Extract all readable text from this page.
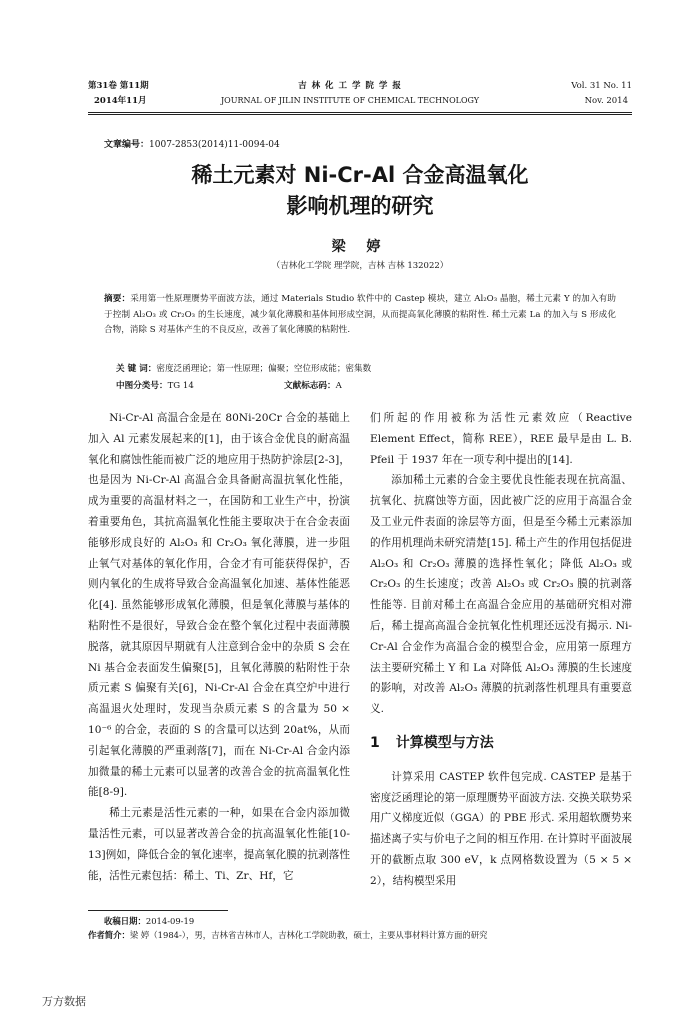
第31卷 第11期
2014年11月
吉 林 化 工 学 院 学 报
JOURNAL OF JILIN INSTITUTE OF CHEMICAL TECHNOLOGY
Vol. 31 No. 11
Nov. 2014
文章编号：1007-2853(2014)11-0094-04
稀土元素对 Ni-Cr-Al 合金高温氧化
影响机理的研究
梁 婷
（吉林化工学院 理学院，吉林 吉林 132022）
摘要：采用第一性原理赝势平面波方法，通过 Materials Studio 软件中的 Castep 模块，建立 Al₂O₃ 晶胞，稀土元素 Y 的加入有助于控制 Al₂O₃ 或 Cr₂O₃ 的生长速度，减少氧化薄膜和基体间形成空洞，从而提高氧化薄膜的粘附性. 稀土元素 La 的加入与 S 形成化合物，消除 S 对基体产生的不良反应，改善了氧化薄膜的粘附性.
关 键 词：密度泛函理论；第一性原理；偏聚；空位形成能；密集数
中图分类号：TG 14	文献标志码：A

Ni-Cr-Al 高温合金是在 80Ni-20Cr 合金的基础上加入 Al 元素发展起来的[1]，由于该合金优良的耐高温氧化和腐蚀性能而被广泛的地应用于热防护涂层[2-3]，也是因为 Ni-Cr-Al 高温合金具备耐高温抗氧化性能，成为重要的高温材料之一，在国防和工业生产中，扮演着重要角色，其抗高温氧化性能主要取决于在合金表面能够形成良好的 Al₂O₃ 和 Cr₂O₃ 氧化薄膜，进一步阻止氧气对基体的氧化作用，合金才有可能获得保护，否则内氧化的生成将导致合金高温氧化加速、基体性能恶化[4]. 虽然能够形成氧化薄膜，但是氧化薄膜与基体的粘附性不是很好，导致合金在整个氧化过程中表面薄膜脱落，就其原因早期就有人注意到合金中的杂质 S 会在 Ni 基合金表面发生偏聚[5]，且氧化薄膜的粘附性于杂质元素 S 偏聚有关[6]，Ni-Cr-Al 合金在真空炉中进行高温退火处理时，发现当杂质元素 S 的含量为 50 × 10⁻⁶ 的合金，表面的 S 的含量可以达到 20at%，从而引起氧化薄膜的严重剥落[7]，而在 Ni-Cr-Al 合金内添加微量的稀土元素可以显著的改善合金的抗高温氧化性能[8-9].

稀土元素是活性元素的一种，如果在合金内添加微量活性元素，可以显著改善合金的抗高温氧化性能[10-13]例如，降低合金的氧化速率，提高氧化膜的抗剥落性能，活性元素包括：稀土、Ti、Zr、Hf，它

们所起的作用被称为活性元素效应（Reactive Element Effect，简称 REE），REE 最早是由 L. B. Pfeil 于 1937 年在一项专利中提出的[14].

添加稀土元素的合金主要优良性能表现在抗高温、抗氧化、抗腐蚀等方面，因此被广泛的应用于高温合金及工业元件表面的涂层等方面，但是至今稀土元素添加的作用机理尚未研究清楚[15]. 稀土产生的作用包括促进 Al₂O₃ 和 Cr₂O₃ 薄膜的选择性氧化；降低 Al₂O₃ 或 Cr₂O₃ 的生长速度；改善 Al₂O₃ 或 Cr₂O₃ 膜的抗剥落性能等. 目前对稀土在高温合金应用的基础研究相对滞后，稀土提高高温合金抗氧化性机理还远没有揭示. Ni-Cr-Al 合金作为高温合金的模型合金，应用第一原理方法主要研究稀土 Y 和 La 对降低 Al₂O₃ 薄膜的生长速度的影响，对改善 Al₂O₃ 薄膜的抗剥落性机理具有重要意义.

1 计算模型与方法

计算采用 CASTEP 软件包完成. CASTEP 是基于密度泛函理论的第一原理赝势平面波方法. 交换关联势采用广义梯度近似（GGA）的 PBE 形式. 采用超软赝势来描述离子实与价电子之间的相互作用. 在计算时平面波展开的截断点取 300 eV，k 点网格数设置为（5 × 5 × 2），结构模型采用

收稿日期：2014-09-19
作者简介：梁 婷（1984-），男，吉林省吉林市人，吉林化工学院助教，硕士，主要从事材料计算方面的研究
万方数据
